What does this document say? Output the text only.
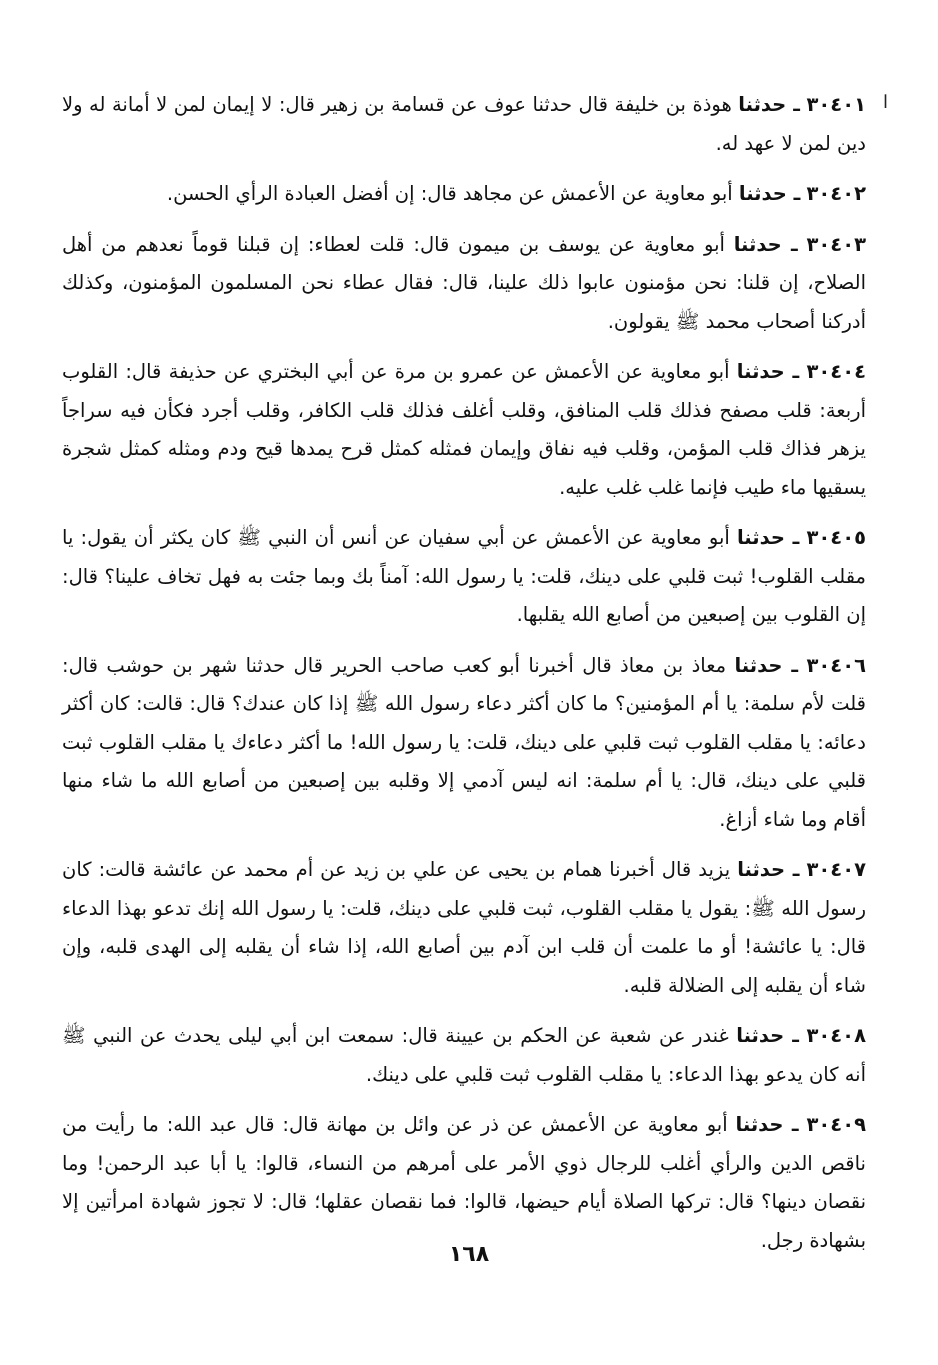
ا

٣٠٤٠١ ـ حدثنا هوذة بن خليفة قال حدثنا عوف عن قسامة بن زهير قال: لا إيمان لمن لا أمانة له ولا دين لمن لا عهد له.

٣٠٤٠٢ ـ حدثنا أبو معاوية عن الأعمش عن مجاهد قال: إن أفضل العبادة الرأي الحسن.

٣٠٤٠٣ ـ حدثنا أبو معاوية عن يوسف بن ميمون قال: قلت لعطاء: إن قبلنا قوماً نعدهم من أهل الصلاح، إن قلنا: نحن مؤمنون عابوا ذلك علينا، قال: فقال عطاء نحن المسلمون المؤمنون، وكذلك أدركنا أصحاب محمد ﷺ يقولون.

٣٠٤٠٤ ـ حدثنا أبو معاوية عن الأعمش عن عمرو بن مرة عن أبي البختري عن حذيفة قال: القلوب أربعة: قلب مصفح فذلك قلب المنافق، وقلب أغلف فذلك قلب الكافر، وقلب أجرد فكأن فيه سراجاً يزهر فذاك قلب المؤمن، وقلب فيه نفاق وإيمان فمثله كمثل قرح يمدها قيح ودم ومثله كمثل شجرة يسقيها ماء طيب فإنما غلب غلب عليه.

٣٠٤٠٥ ـ حدثنا أبو معاوية عن الأعمش عن أبي سفيان عن أنس أن النبي ﷺ كان يكثر أن يقول: يا مقلب القلوب! ثبت قلبي على دينك، قلت: يا رسول الله: آمناً بك وبما جئت به فهل تخاف علينا؟ قال: إن القلوب بين إصبعين من أصابع الله يقلبها.

٣٠٤٠٦ ـ حدثنا معاذ بن معاذ قال أخبرنا أبو كعب صاحب الحرير قال حدثنا شهر بن حوشب قال: قلت لأم سلمة: يا أم المؤمنين؟ ما كان أكثر دعاء رسول الله ﷺ إذا كان عندك؟ قال: قالت: كان أكثر دعائه: يا مقلب القلوب ثبت قلبي على دينك، قلت: يا رسول الله! ما أكثر دعاءك يا مقلب القلوب ثبت قلبي على دينك، قال: يا أم سلمة: انه ليس آدمي إلا وقلبه بين إصبعين من أصابع الله ما شاء منها أقام وما شاء أزاغ.

٣٠٤٠٧ ـ حدثنا يزيد قال أخبرنا همام بن يحيى عن علي بن زيد عن أم محمد عن عائشة قالت: كان رسول الله ﷺ: يقول يا مقلب القلوب، ثبت قلبي على دينك، قلت: يا رسول الله إنك تدعو بهذا الدعاء قال: يا عائشة! أو ما علمت أن قلب ابن آدم بين أصابع الله، إذا شاء أن يقلبه إلى الهدى قلبه، وإن شاء أن يقلبه إلى الضلالة قلبه.

٣٠٤٠٨ ـ حدثنا غندر عن شعبة عن الحكم بن عيينة قال: سمعت ابن أبي ليلى يحدث عن النبي ﷺ أنه كان يدعو بهذا الدعاء: يا مقلب القلوب ثبت قلبي على دينك.

٣٠٤٠٩ ـ حدثنا أبو معاوية عن الأعمش عن ذر عن وائل بن مهانة قال: قال عبد الله: ما رأيت من ناقص الدين والرأي أغلب للرجال ذوي الأمر على أمرهم من النساء، قالوا: يا أبا عبد الرحمن! وما نقصان دينها؟ قال: تركها الصلاة أيام حيضها، قالوا: فما نقصان عقلها؛ قال: لا تجوز شهادة امرأتين إلا بشهادة رجل.

١٦٨
